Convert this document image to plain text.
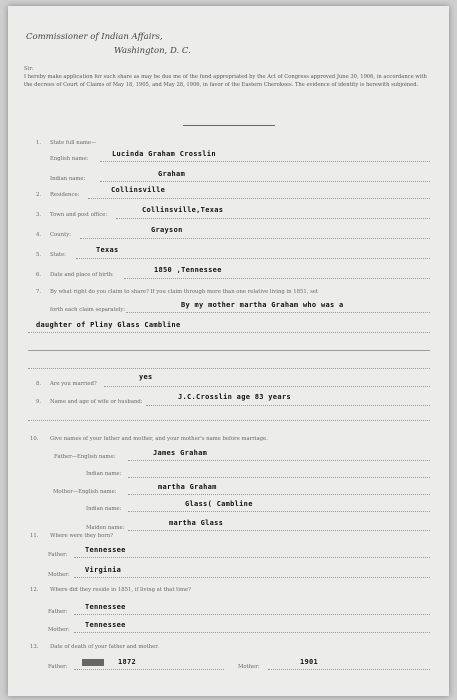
Commissioner of Indian Affairs,
Washington, D. C.
Sir:
I hereby make application for such share as may be due me of the fund appropriated by the Act of Congress approved June 30, 1906, in accordance with the decrees of Court of Claims of May 18, 1905, and May 28, 1906, in favor of the Eastern Cherokees. The evidence of identity is herewith subjoined.
1. State full name—
English name:
Lucinda Graham Crosslin
Indian name:
Graham
2. Residence:
Collinsville
3. Town and post office:
Collinsville,Texas
4. County:
Grayson
5. State:
Texas
6. Date and place of birth:
1850 ,Tennessee
7. By what right do you claim to share? If you claim through more than one relative living in 1851, set
forth each claim separately:
By my mother martha Graham who was a
daughter of Pliny Glass Cambline
8. Are you married?
yes
9. Name and age of wife or husband:
J.C.Crosslin age 83 years
10. Give names of your father and mother, and your mother's name before marriage.
Father—English name:	James Graham
Indian name:
Mother—English name:
martha Graham
Indian name:
Glass( Cambline
Maiden name:
martha Glass
11. Where were they born?
Father:
Tennessee
Mother:
Virginia
12. Where did they reside in 1851, if living at that time?
Father:
Tennessee
Mother:
Tennessee
13. Date of death of your father and mother.
Father:
1872
Mother:
1901
